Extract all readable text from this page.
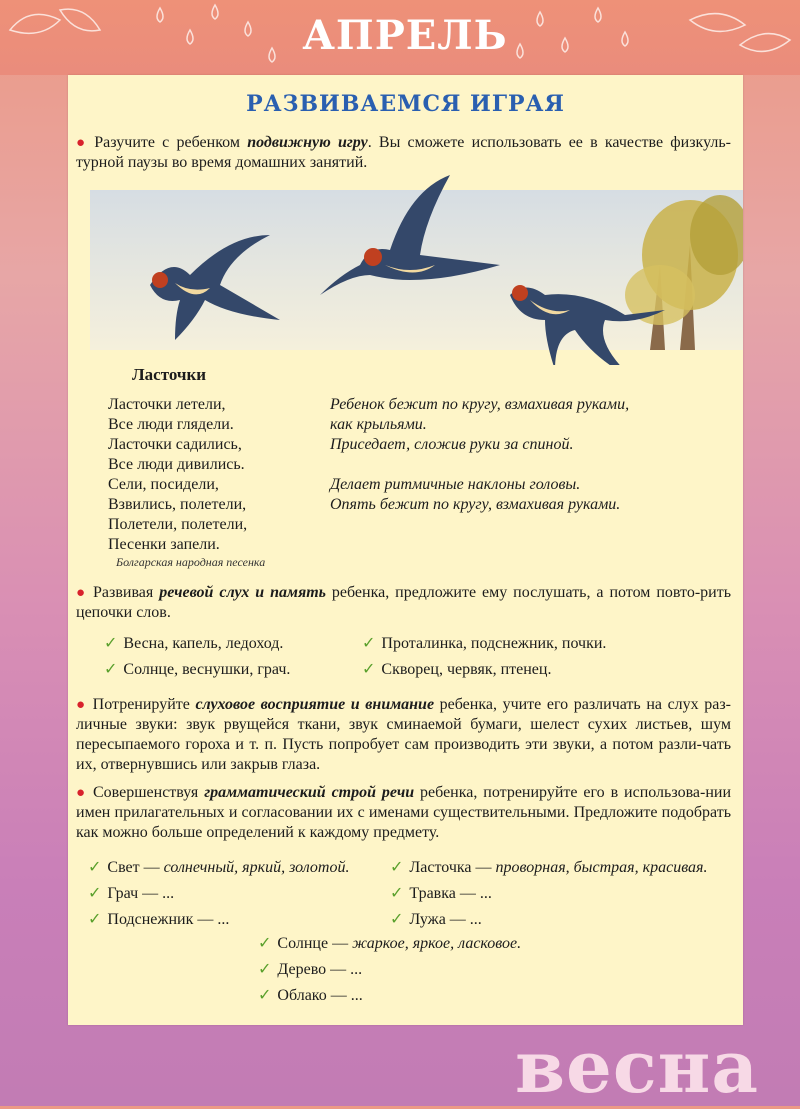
АПРЕЛЬ
РАЗВИВАЕМСЯ ИГРАЯ
● Разучите с ребенком подвижную игру. Вы сможете использовать ее в качестве физкуль-турной паузы во время домашних занятий.
Ласточки
Ласточки летели,
Все люди глядели.
Ласточки садились,
Все люди дивились.
Сели, посидели,
Взвились, полетели,
Полетели, полетели,
Песенки запели.
Болгарская народная песенка
Ребенок бежит по кругу, взмахивая руками,
как крыльями.
Приседает, сложив руки за спиной.
Делает ритмичные наклоны головы.
Опять бежит по кругу, взмахивая руками.
● Развивая речевой слух и память ребенка, предложите ему послушать, а потом повто-рить цепочки слов.
✓ Весна, капель, ледоход.
✓ Солнце, веснушки, грач.
✓ Проталинка, подснежник, почки.
✓ Скворец, червяк, птенец.
● Потренируйте слуховое восприятие и внимание ребенка, учите его различать на слух раз-личные звуки: звук рвущейся ткани, звук сминаемой бумаги, шелест сухих листьев, шум пересыпаемого гороха и т. п. Пусть попробует сам производить эти звуки, а потом разли-чать их, отвернувшись или закрыв глаза.
● Совершенствуя грамматический строй речи ребенка, потренируйте его в использова-нии имен прилагательных и согласовании их с именами существительными. Предложите подобрать как можно больше определений к каждому предмету.
✓ Свет — солнечный, яркий, золотой.
✓ Грач — ...
✓ Подснежник — ...
✓ Ласточка — проворная, быстрая, красивая.
✓ Травка — ...
✓ Лужа — ...
✓ Солнце — жаркое, яркое, ласковое.
✓ Дерево — ...
✓ Облако — ...
весна
